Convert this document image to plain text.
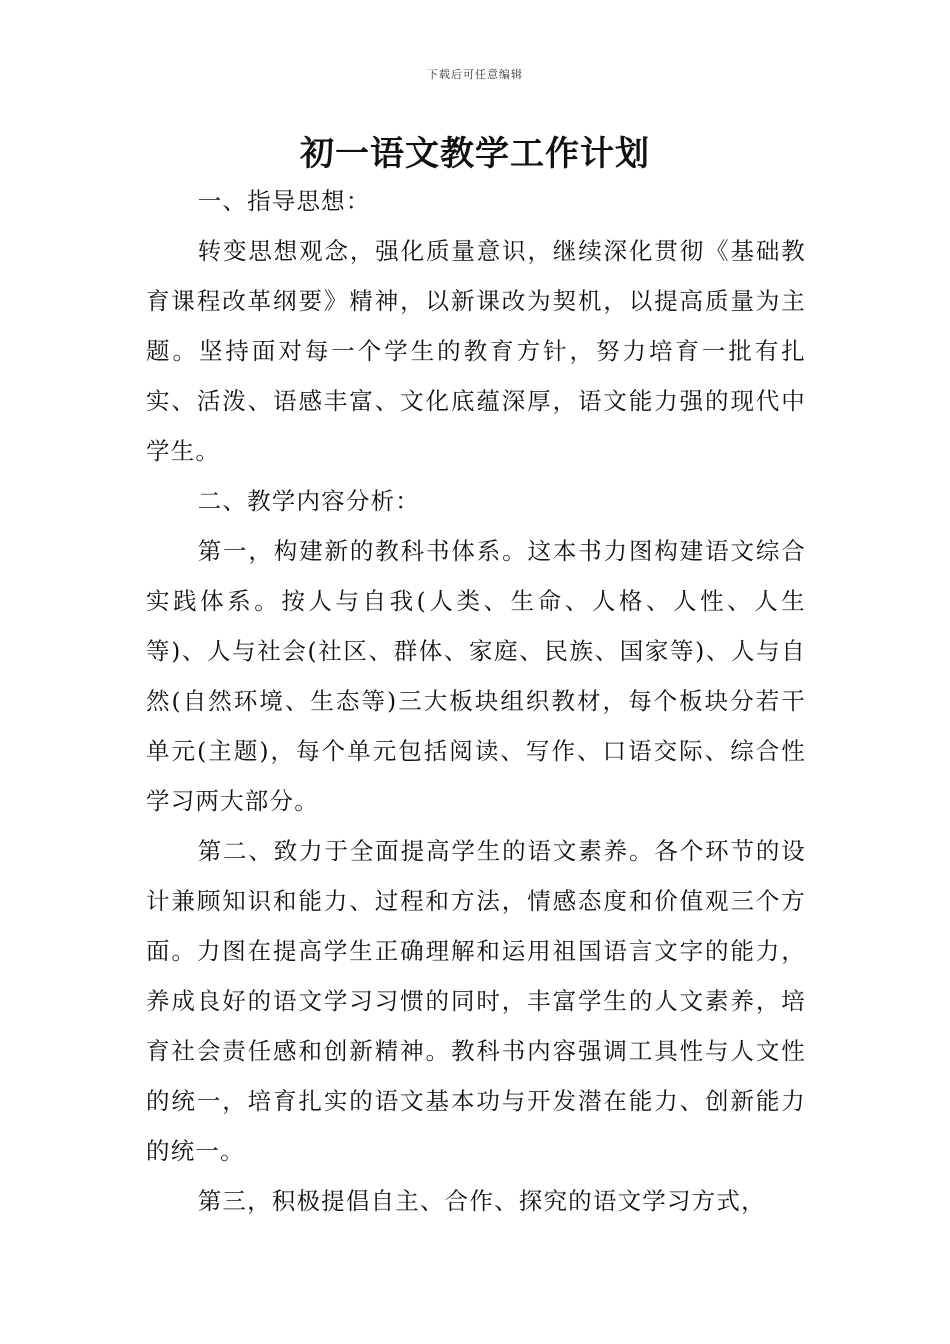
下载后可任意编辑
初一语文教学工作计划

一、指导思想：

转变思想观念，强化质量意识，继续深化贯彻《基础教育课程改革纲要》精神，以新课改为契机，以提高质量为主题。坚持面对每一个学生的教育方针，努力培育一批有扎实、活泼、语感丰富、文化底蕴深厚，语文能力强的现代中学生。

二、教学内容分析：

第一，构建新的教科书体系。这本书力图构建语文综合实践体系。按人与自我(人类、生命、人格、人性、人生等)、人与社会(社区、群体、家庭、民族、国家等)、人与自然(自然环境、生态等)三大板块组织教材，每个板块分若干单元(主题)，每个单元包括阅读、写作、口语交际、综合性学习两大部分。

第二、致力于全面提高学生的语文素养。各个环节的设计兼顾知识和能力、过程和方法，情感态度和价值观三个方面。力图在提高学生正确理解和运用祖国语言文字的能力，养成良好的语文学习习惯的同时，丰富学生的人文素养，培育社会责任感和创新精神。教科书内容强调工具性与人文性的统一，培育扎实的语文基本功与开发潜在能力、创新能力的统一。

第三，积极提倡自主、合作、探究的语文学习方式，
